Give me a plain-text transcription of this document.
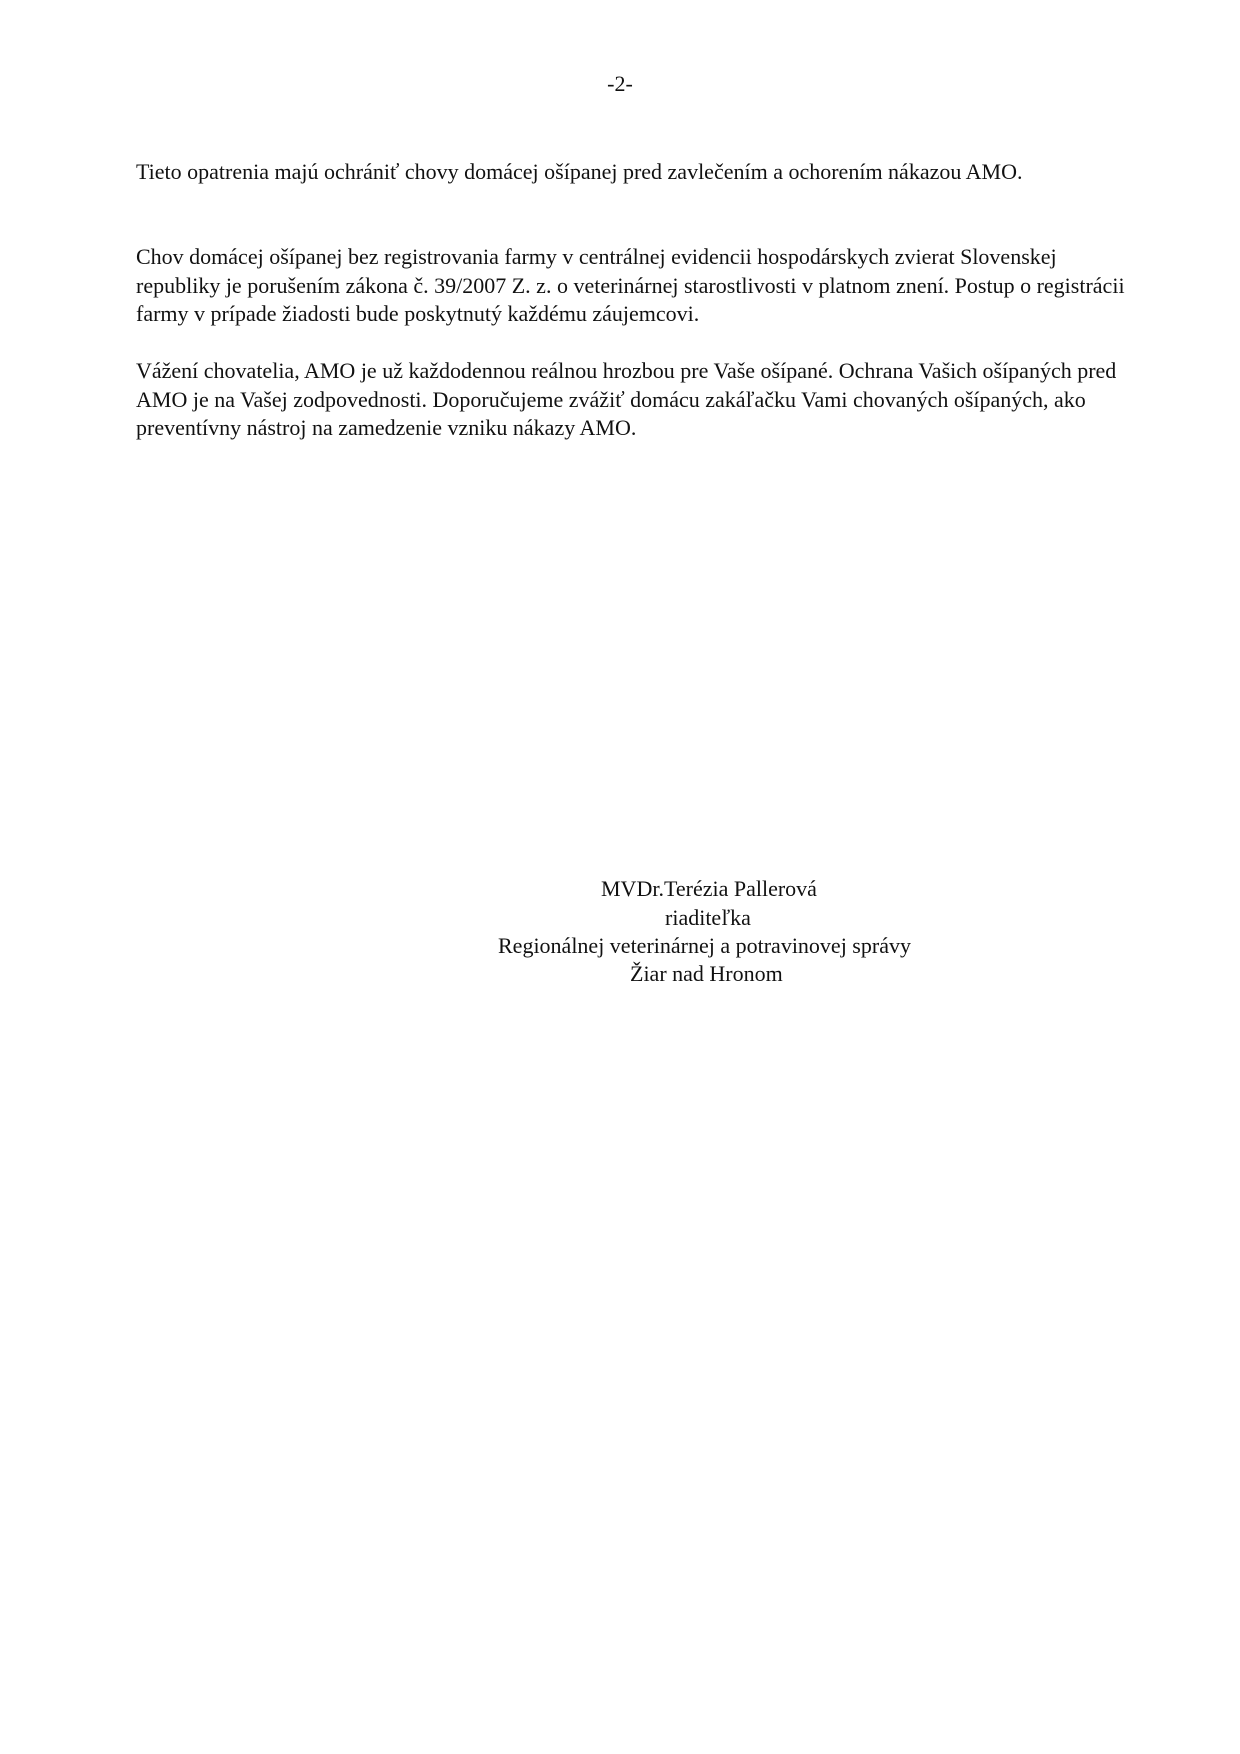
-2-

Tieto opatrenia majú ochrániť chovy domácej ošípanej pred zavlečením a ochorením nákazou AMO.

Chov domácej ošípanej bez registrovania farmy v centrálnej evidencii hospodárskych zvierat Slovenskej republiky je porušením zákona č. 39/2007 Z. z. o veterinárnej starostlivosti v platnom znení. Postup o registrácii farmy v prípade žiadosti bude poskytnutý každému záujemcovi.

Vážení chovatelia, AMO je už každodennou reálnou hrozbou pre Vaše ošípané. Ochrana Vašich ošípaných pred AMO je na Vašej zodpovednosti. Doporučujeme zvážiť domácu zakáľačku Vami chovaných ošípaných, ako preventívny nástroj na zamedzenie vzniku nákazy AMO.

MVDr.Terézia Pallerová
riaditeľka
Regionálnej veterinárnej a potravinovej správy
Žiar nad Hronom
